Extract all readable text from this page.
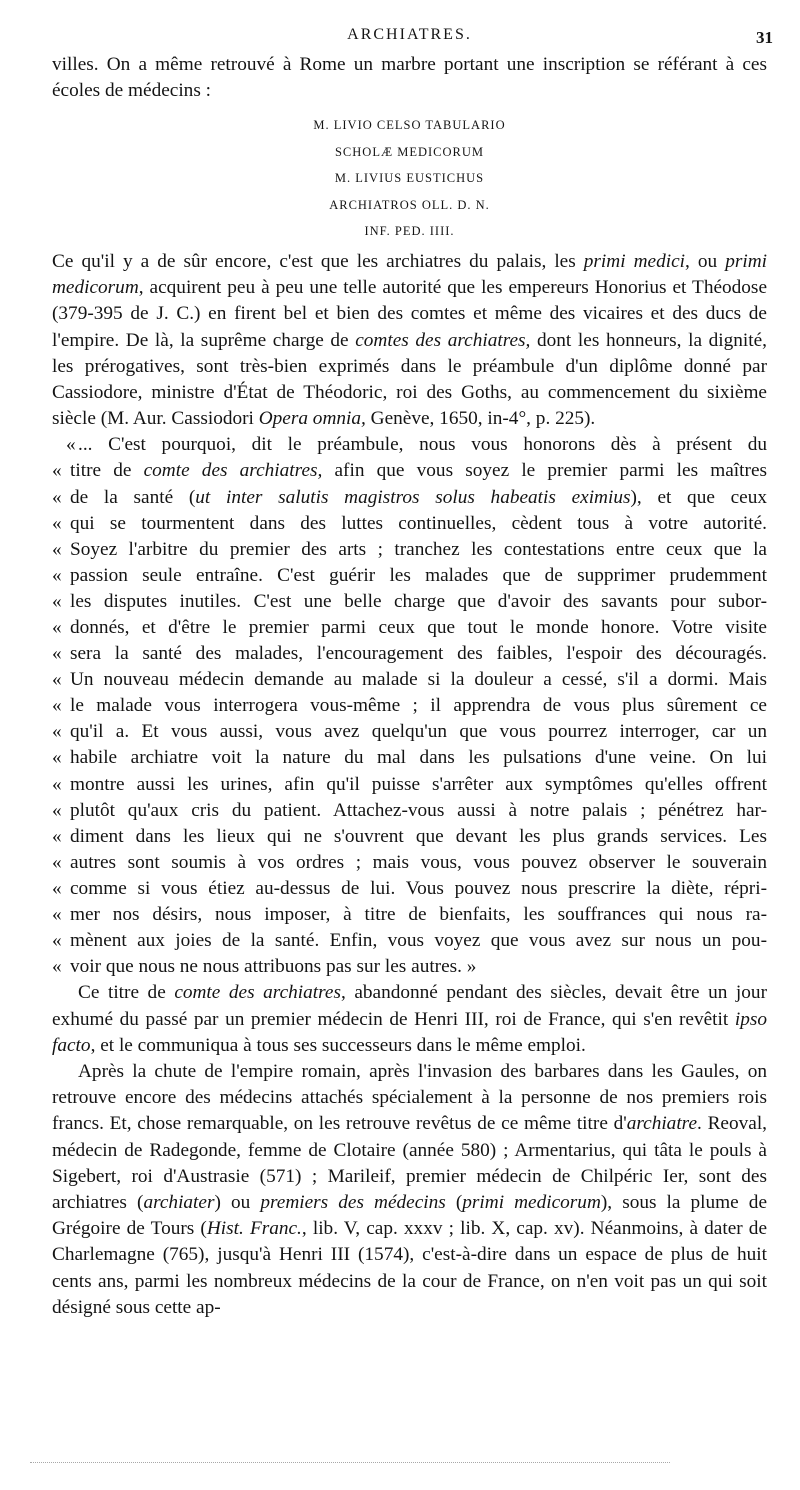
ARCHIATRES.	31

villes. On a même retrouvé à Rome un marbre portant une inscription se référant à ces écoles de médecins :

M. LIVIO CELSO TABULARIO
SCHOLÆ MEDICORUM
M. LIVIUS EUSTICHUS
ARCHIATROS OLL. D. N.
INF. PED. IIII.

Ce qu'il y a de sûr encore, c'est que les archiatres du palais, les primi medici, ou primi medicorum, acquirent peu à peu une telle autorité que les empereurs Honorius et Théodose (379-395 de J. C.) en firent bel et bien des comtes et même des vicaires et des ducs de l'empire. De là, la suprême charge de comtes des archiatres, dont les honneurs, la dignité, les prérogatives, sont très-bien exprimés dans le préambule d'un diplôme donné par Cassiodore, ministre d'État de Théodoric, roi des Goths, au commencement du sixième siècle (M. Aur. Cassiodori Opera omnia, Genève, 1650, in-4°, p. 225).

« ... C'est pourquoi, dit le préambule, nous vous honorons dès à présent du
« titre de comte des archiatres, afin que vous soyez le premier parmi les maîtres
« de la santé (ut inter salutis magistros solus habeatis eximius), et que ceux
« qui se tourmentent dans des luttes continuelles, cèdent tous à votre autorité.
« Soyez l'arbitre du premier des arts ; tranchez les contestations entre ceux que la
« passion seule entraîne. C'est guérir les malades que de supprimer prudemment
« les disputes inutiles. C'est une belle charge que d'avoir des savants pour subor-
« donnés, et d'être le premier parmi ceux que tout le monde honore. Votre visite
« sera la santé des malades, l'encouragement des faibles, l'espoir des découragés.
« Un nouveau médecin demande au malade si la douleur a cessé, s'il a dormi. Mais
« le malade vous interrogera vous-même ; il apprendra de vous plus sûrement ce
« qu'il a. Et vous aussi, vous avez quelqu'un que vous pourrez interroger, car un
« habile archiatre voit la nature du mal dans les pulsations d'une veine. On lui
« montre aussi les urines, afin qu'il puisse s'arrêter aux symptômes qu'elles offrent
« plutôt qu'aux cris du patient. Attachez-vous aussi à notre palais ; pénétrez har-
« diment dans les lieux qui ne s'ouvrent que devant les plus grands services. Les
« autres sont soumis à vos ordres ; mais vous, vous pouvez observer le souverain
« comme si vous étiez au-dessus de lui. Vous pouvez nous prescrire la diète, répri-
« mer nos désirs, nous imposer, à titre de bienfaits, les souffrances qui nous ra-
« mènent aux joies de la santé. Enfin, vous voyez que vous avez sur nous un pou-
« voir que nous ne nous attribuons pas sur les autres. »

Ce titre de comte des archiatres, abandonné pendant des siècles, devait être un jour exhumé du passé par un premier médecin de Henri III, roi de France, qui s'en revêtit ipso facto, et le communiqua à tous ses successeurs dans le même emploi.

Après la chute de l'empire romain, après l'invasion des barbares dans les Gaules, on retrouve encore des médecins attachés spécialement à la personne de nos premiers rois francs. Et, chose remarquable, on les retrouve revêtus de ce même titre d'archiatre. Reoval, médecin de Radegonde, femme de Clotaire (année 580) ; Armentarius, qui tâta le pouls à Sigebert, roi d'Austrasie (571) ; Marileif, premier médecin de Chilpéric Ier, sont des archiatres (archiater) ou premiers des médecins (primi medicorum), sous la plume de Grégoire de Tours (Hist. Franc., lib. V, cap. xxxv ; lib. X, cap. xv). Néanmoins, à dater de Charlemagne (765), jusqu'à Henri III (1574), c'est-à-dire dans un espace de plus de huit cents ans, parmi les nombreux médecins de la cour de France, on n'en voit pas un qui soit désigné sous cette ap-
